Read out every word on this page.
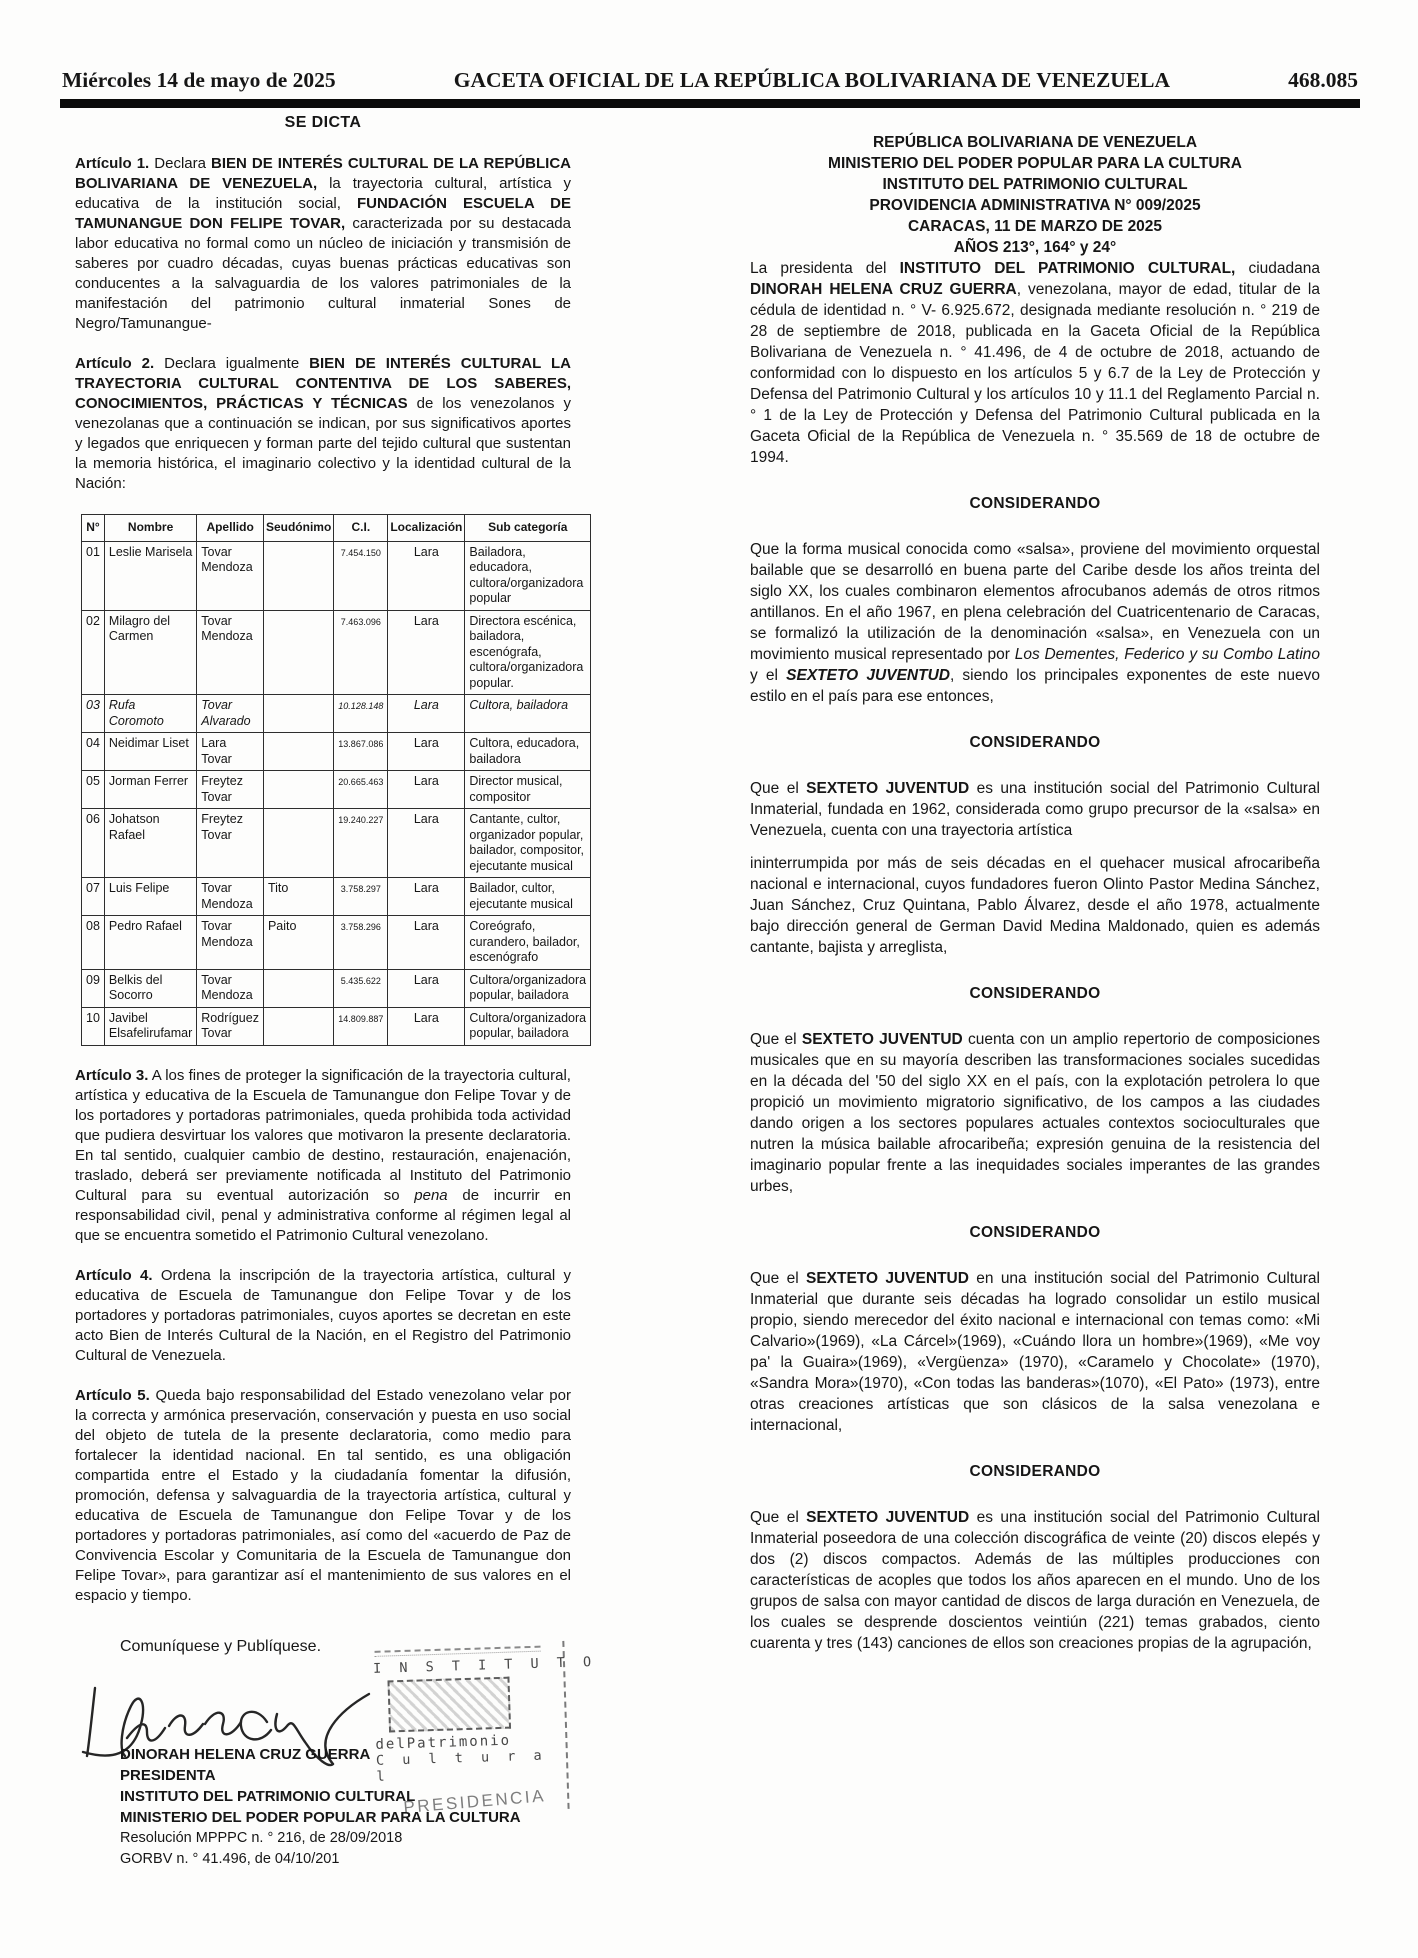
Miércoles 14 de mayo de 2025	GACETA OFICIAL DE LA REPÚBLICA BOLIVARIANA DE VENEZUELA	468.085
SE DICTA

Artículo 1. Declara BIEN DE INTERÉS CULTURAL DE LA REPÚBLICA BOLIVARIANA DE VENEZUELA, la trayectoria cultural, artística y educativa de la institución social, FUNDACIÓN ESCUELA DE TAMUNANGUE DON FELIPE TOVAR, caracterizada por su destacada labor educativa no formal como un núcleo de iniciación y transmisión de saberes por cuadro décadas, cuyas buenas prácticas educativas son conducentes a la salvaguardia de los valores patrimoniales de la manifestación del patrimonio cultural inmaterial Sones de Negro/Tamunangue-

Artículo 2. Declara igualmente BIEN DE INTERÉS CULTURAL LA TRAYECTORIA CULTURAL CONTENTIVA DE LOS SABERES, CONOCIMIENTOS, PRÁCTICAS Y TÉCNICAS de los venezolanos y venezolanas que a continuación se indican, por sus significativos aportes y legados que enriquecen y forman parte del tejido cultural que sustentan la memoria histórica, el imaginario colectivo y la identidad cultural de la Nación:

N°	Nombre	Apellido	Seudónimo	C.I.	Localización	Sub categoría
01	Leslie Marisela	Tovar Mendoza		7.454.150	Lara	Bailadora, educadora, cultora/organizadora popular
02	Milagro del Carmen	Tovar Mendoza		7.463.096	Lara	Directora escénica, bailadora, escenógrafa, cultora/organizadora popular.
03	Rufa Coromoto	Tovar Alvarado		10.128.148	Lara	Cultora, bailadora
04	Neidimar Liset	Lara Tovar		13.867.086	Lara	Cultora, educadora, bailadora
05	Jorman Ferrer	Freytez Tovar		20.665.463	Lara	Director musical, compositor
06	Johatson Rafael	Freytez Tovar		19.240.227	Lara	Cantante, cultor, organizador popular, bailador, compositor, ejecutante musical
07	Luis Felipe	Tovar Mendoza	Tito	3.758.297	Lara	Bailador, cultor, ejecutante musical
08	Pedro Rafael	Tovar Mendoza	Paito	3.758.296	Lara	Coreógrafo, curandero, bailador, escenógrafo
09	Belkis del Socorro	Tovar Mendoza		5.435.622	Lara	Cultora/organizadora popular, bailadora
10	Javibel Elsafelirufamar	Rodríguez Tovar		14.809.887	Lara	Cultora/organizadora popular, bailadora

Artículo 3. A los fines de proteger la significación de la trayectoria cultural, artística y educativa de la Escuela de Tamunangue don Felipe Tovar y de los portadores y portadoras patrimoniales, queda prohibida toda actividad que pudiera desvirtuar los valores que motivaron la presente declaratoria. En tal sentido, cualquier cambio de destino, restauración, enajenación, traslado, deberá ser previamente notificada al Instituto del Patrimonio Cultural para su eventual autorización so pena de incurrir en responsabilidad civil, penal y administrativa conforme al régimen legal al que se encuentra sometido el Patrimonio Cultural venezolano.

Artículo 4. Ordena la inscripción de la trayectoria artística, cultural y educativa de Escuela de Tamunangue don Felipe Tovar y de los portadores y portadoras patrimoniales, cuyos aportes se decretan en este acto Bien de Interés Cultural de la Nación, en el Registro del Patrimonio Cultural de Venezuela.

Artículo 5. Queda bajo responsabilidad del Estado venezolano velar por la correcta y armónica preservación, conservación y puesta en uso social del objeto de tutela de la presente declaratoria, como medio para fortalecer la identidad nacional. En tal sentido, es una obligación compartida entre el Estado y la ciudadanía fomentar la difusión, promoción, defensa y salvaguardia de la trayectoria artística, cultural y educativa de Escuela de Tamunangue don Felipe Tovar y de los portadores y portadoras patrimoniales, así como del «acuerdo de Paz de Convivencia Escolar y Comunitaria de la Escuela de Tamunangue don Felipe Tovar», para garantizar así el mantenimiento de sus valores en el espacio y tiempo.

Comuníquese y Publíquese.
I N S T I T U T O
delPatrimonio
C u l t u r a l
PRESIDENCIA
DINORAH HELENA CRUZ GUERRA
PRESIDENTA
INSTITUTO DEL PATRIMONIO CULTURAL
MINISTERIO DEL PODER POPULAR PARA LA CULTURA
Resolución MPPPC n. ° 216, de 28/09/2018
GORBV n. ° 41.496, de 04/10/201
REPÚBLICA BOLIVARIANA DE VENEZUELA
MINISTERIO DEL PODER POPULAR PARA LA CULTURA
INSTITUTO DEL PATRIMONIO CULTURAL
PROVIDENCIA ADMINISTRATIVA N° 009/2025
CARACAS, 11 DE MARZO DE 2025
AÑOS 213°, 164° y 24°

La presidenta del INSTITUTO DEL PATRIMONIO CULTURAL, ciudadana DINORAH HELENA CRUZ GUERRA, venezolana, mayor de edad, titular de la cédula de identidad n. ° V- 6.925.672, designada mediante resolución n. ° 219 de 28 de septiembre de 2018, publicada en la Gaceta Oficial de la República Bolivariana de Venezuela n. ° 41.496, de 4 de octubre de 2018, actuando de conformidad con lo dispuesto en los artículos 5 y 6.7 de la Ley de Protección y Defensa del Patrimonio Cultural y los artículos 10 y 11.1 del Reglamento Parcial n. ° 1 de la Ley de Protección y Defensa del Patrimonio Cultural publicada en la Gaceta Oficial de la República de Venezuela n. ° 35.569 de 18 de octubre de 1994.

CONSIDERANDO

Que la forma musical conocida como «salsa», proviene del movimiento orquestal bailable que se desarrolló en buena parte del Caribe desde los años treinta del siglo XX, los cuales combinaron elementos afrocubanos además de otros ritmos antillanos. En el año 1967, en plena celebración del Cuatricentenario de Caracas, se formalizó la utilización de la denominación «salsa», en Venezuela con un movimiento musical representado por Los Dementes, Federico y su Combo Latino y el SEXTETO JUVENTUD, siendo los principales exponentes de este nuevo estilo en el país para ese entonces,

CONSIDERANDO

Que el SEXTETO JUVENTUD es una institución social del Patrimonio Cultural Inmaterial, fundada en 1962, considerada como grupo precursor de la «salsa» en Venezuela, cuenta con una trayectoria artística

ininterrumpida por más de seis décadas en el quehacer musical afrocaribeña nacional e internacional, cuyos fundadores fueron Olinto Pastor Medina Sánchez, Juan Sánchez, Cruz Quintana, Pablo Álvarez, desde el año 1978, actualmente bajo dirección general de German David Medina Maldonado, quien es además cantante, bajista y arreglista,

CONSIDERANDO

Que el SEXTETO JUVENTUD cuenta con un amplio repertorio de composiciones musicales que en su mayoría describen las transformaciones sociales sucedidas en la década del '50 del siglo XX en el país, con la explotación petrolera lo que propició un movimiento migratorio significativo, de los campos a las ciudades dando origen a los sectores populares actuales contextos socioculturales que nutren la música bailable afrocaribeña; expresión genuina de la resistencia del imaginario popular frente a las inequidades sociales imperantes de las grandes urbes,

CONSIDERANDO

Que el SEXTETO JUVENTUD en una institución social del Patrimonio Cultural Inmaterial que durante seis décadas ha logrado consolidar un estilo musical propio, siendo merecedor del éxito nacional e internacional con temas como: «Mi Calvario»(1969), «La Cárcel»(1969), «Cuándo llora un hombre»(1969), «Me voy pa' la Guaira»(1969), «Vergüenza» (1970), «Caramelo y Chocolate» (1970), «Sandra Mora»(1970), «Con todas las banderas»(1070), «El Pato» (1973), entre otras creaciones artísticas que son clásicos de la salsa venezolana e internacional,

CONSIDERANDO

Que el SEXTETO JUVENTUD es una institución social del Patrimonio Cultural Inmaterial poseedora de una colección discográfica de veinte (20) discos elepés y dos (2) discos compactos. Además de las múltiples producciones con características de acoples que todos los años aparecen en el mundo. Uno de los grupos de salsa con mayor cantidad de discos de larga duración en Venezuela, de los cuales se desprende doscientos veintiún (221) temas grabados, ciento cuarenta y tres (143) canciones de ellos son creaciones propias de la agrupación,
